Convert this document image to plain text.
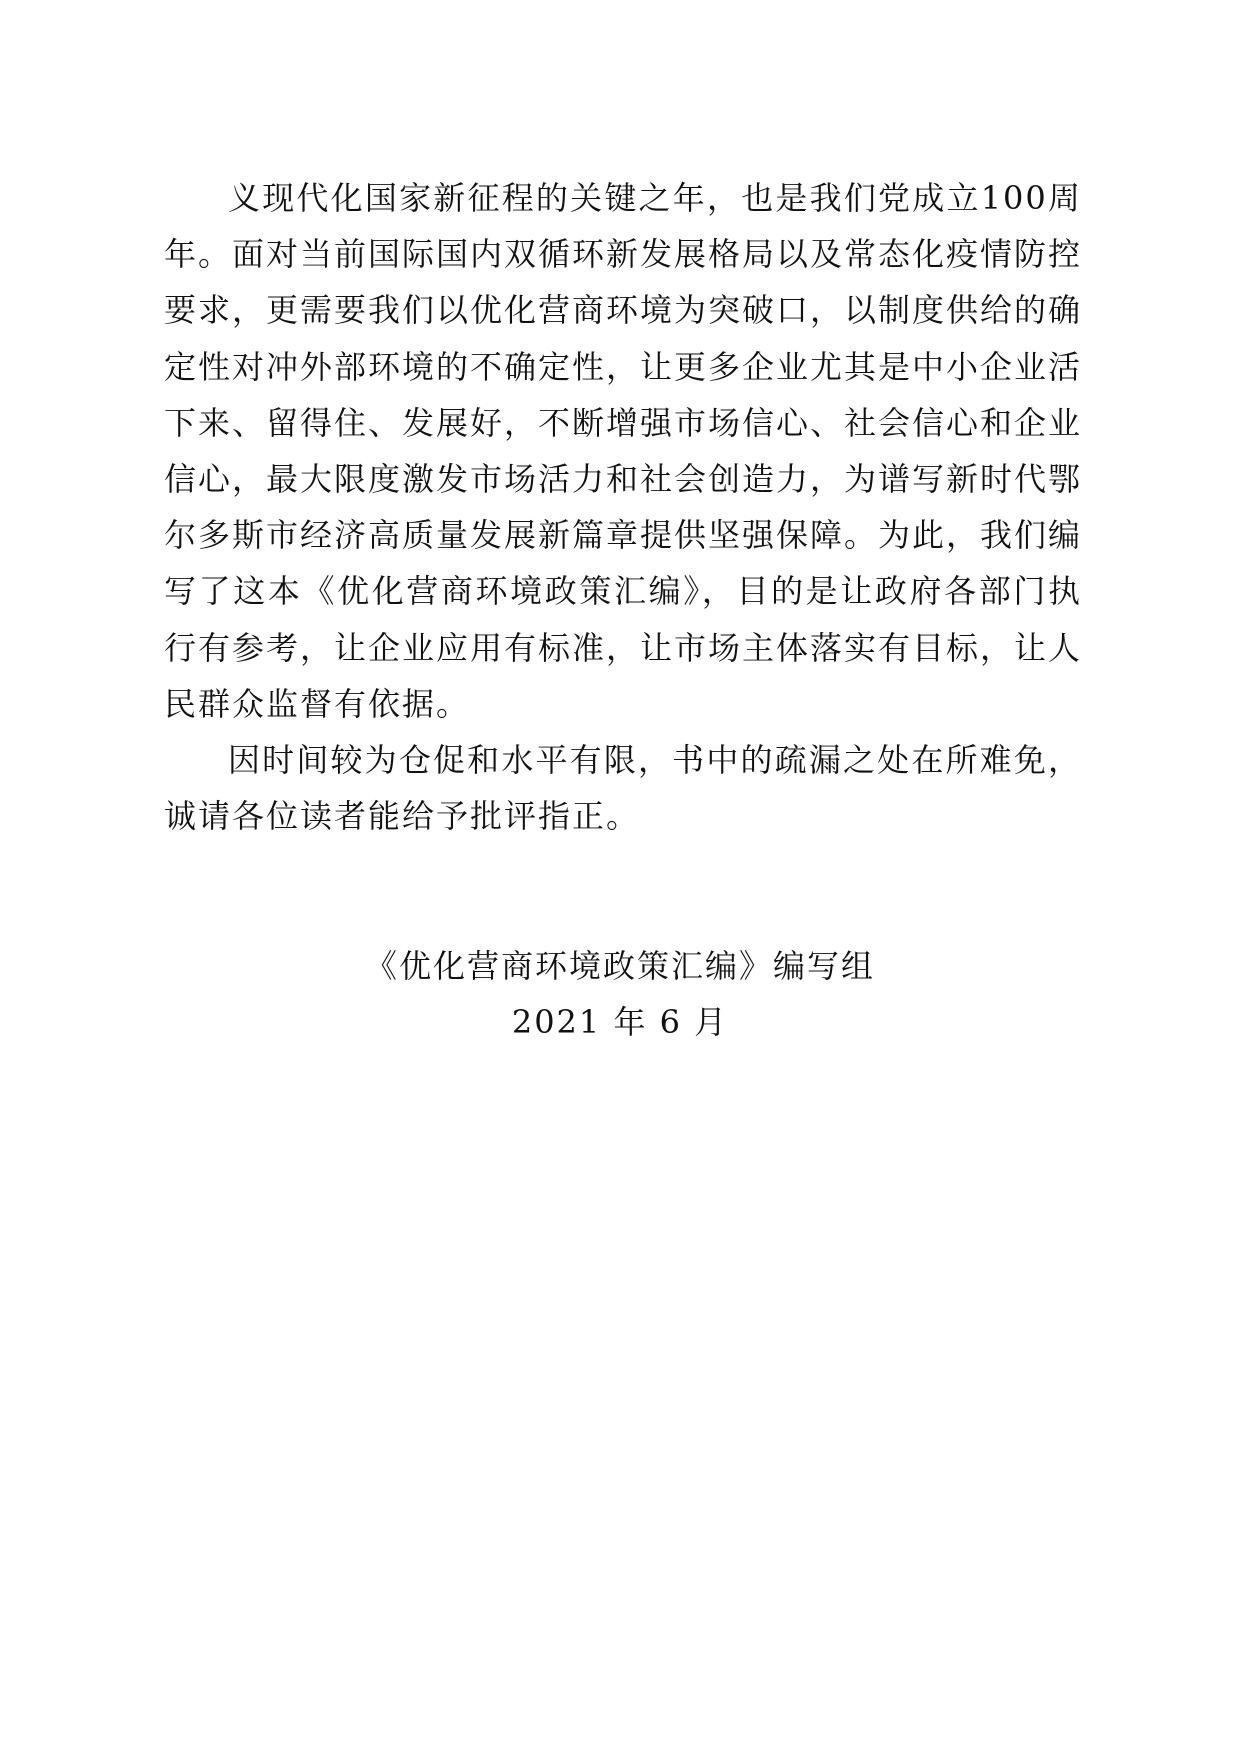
义现代化国家新征程的关键之年，也是我们党成立100周年。面对当前国际国内双循环新发展格局以及常态化疫情防控要求，更需要我们以优化营商环境为突破口，以制度供给的确定性对冲外部环境的不确定性，让更多企业尤其是中小企业活下来、留得住、发展好，不断增强市场信心、社会信心和企业信心，最大限度激发市场活力和社会创造力，为谱写新时代鄂尔多斯市经济高质量发展新篇章提供坚强保障。为此，我们编写了这本《优化营商环境政策汇编》，目的是让政府各部门执行有参考，让企业应用有标准，让市场主体落实有目标，让人民群众监督有依据。

因时间较为仓促和水平有限，书中的疏漏之处在所难免，诚请各位读者能给予批评指正。

《优化营商环境政策汇编》编写组
2021 年 6 月
